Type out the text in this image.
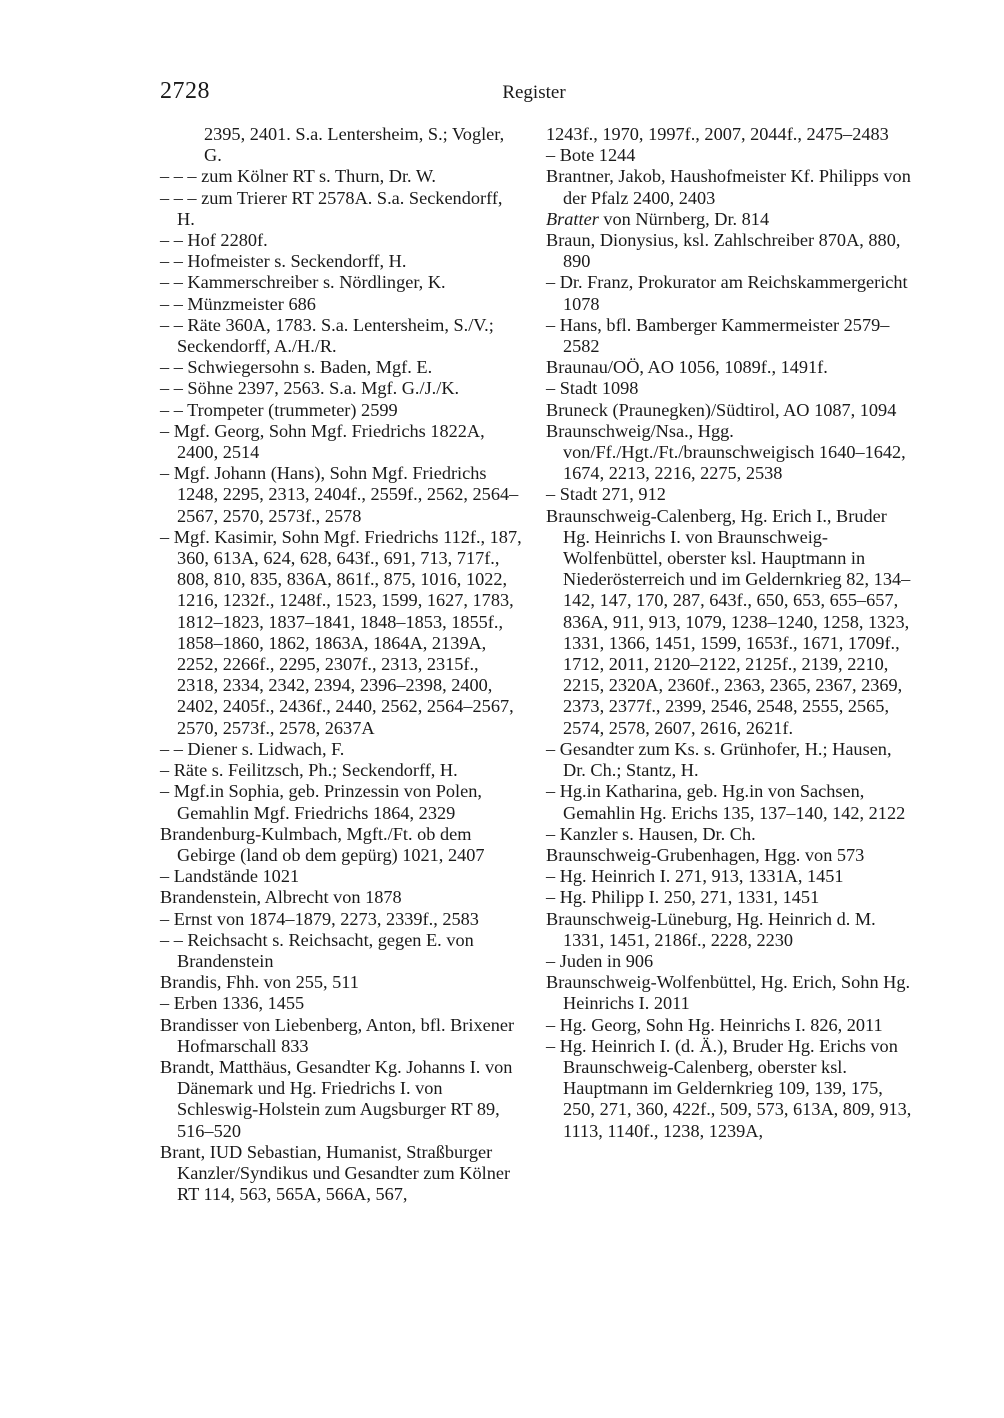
2728	Register
2395, 2401. S.a. Lentersheim, S.; Vogler, G.
– – – zum Kölner RT s. Thurn, Dr. W.
– – – zum Trierer RT 2578A. S.a. Seckendorff, H.
– – Hof 2280f.
– – Hofmeister s. Seckendorff, H.
– – Kammerschreiber s. Nördlinger, K.
– – Münzmeister 686
– – Räte 360A, 1783. S.a. Lentersheim, S./V.; Seckendorff, A./H./R.
– – Schwiegersohn s. Baden, Mgf. E.
– – Söhne 2397, 2563. S.a. Mgf. G./J./K.
– – Trompeter (trummeter) 2599
– Mgf. Georg, Sohn Mgf. Friedrichs 1822A, 2400, 2514
– Mgf. Johann (Hans), Sohn Mgf. Friedrichs 1248, 2295, 2313, 2404f., 2559f., 2562, 2564–2567, 2570, 2573f., 2578
– Mgf. Kasimir, Sohn Mgf. Friedrichs 112f., 187, 360, 613A, 624, 628, 643f., 691, 713, 717f., 808, 810, 835, 836A, 861f., 875, 1016, 1022, 1216, 1232f., 1248f., 1523, 1599, 1627, 1783, 1812–1823, 1837–1841, 1848–1853, 1855f., 1858–1860, 1862, 1863A, 1864A, 2139A, 2252, 2266f., 2295, 2307f., 2313, 2315f., 2318, 2334, 2342, 2394, 2396–2398, 2400, 2402, 2405f., 2436f., 2440, 2562, 2564–2567, 2570, 2573f., 2578, 2637A
– – Diener s. Lidwach, F.
– Räte s. Feilitzsch, Ph.; Seckendorff, H.
– Mgf.in Sophia, geb. Prinzessin von Polen, Gemahlin Mgf. Friedrichs 1864, 2329
Brandenburg-Kulmbach, Mgft./Ft. ob dem Gebirge (land ob dem gepürg) 1021, 2407
– Landstände 1021
Brandenstein, Albrecht von 1878
– Ernst von 1874–1879, 2273, 2339f., 2583
– – Reichsacht s. Reichsacht, gegen E. von Brandenstein
Brandis, Fhh. von 255, 511
– Erben 1336, 1455
Brandisser von Liebenberg, Anton, bfl. Brixener Hofmarschall 833
Brandt, Matthäus, Gesandter Kg. Johanns I. von Dänemark und Hg. Friedrichs I. von Schleswig-Holstein zum Augsburger RT 89, 516–520
Brant, IUD Sebastian, Humanist, Straßburger Kanzler/Syndikus und Gesandter zum Kölner RT 114, 563, 565A, 566A, 567,
1243f., 1970, 1997f., 2007, 2044f., 2475–2483
– Bote 1244
Brantner, Jakob, Haushofmeister Kf. Philipps von der Pfalz 2400, 2403
Bratter von Nürnberg, Dr. 814
Braun, Dionysius, ksl. Zahlschreiber 870A, 880, 890
– Dr. Franz, Prokurator am Reichskammergericht 1078
– Hans, bfl. Bamberger Kammermeister 2579–2582
Braunau/OÖ, AO 1056, 1089f., 1491f.
– Stadt 1098
Bruneck (Praunegken)/Südtirol, AO 1087, 1094
Braunschweig/Nsa., Hgg. von/Ff./Hgt./Ft./braunschweigisch 1640–1642, 1674, 2213, 2216, 2275, 2538
– Stadt 271, 912
Braunschweig-Calenberg, Hg. Erich I., Bruder Hg. Heinrichs I. von Braunschweig-Wolfenbüttel, oberster ksl. Hauptmann in Niederösterreich und im Geldernkrieg 82, 134–142, 147, 170, 287, 643f., 650, 653, 655–657, 836A, 911, 913, 1079, 1238–1240, 1258, 1323, 1331, 1366, 1451, 1599, 1653f., 1671, 1709f., 1712, 2011, 2120–2122, 2125f., 2139, 2210, 2215, 2320A, 2360f., 2363, 2365, 2367, 2369, 2373, 2377f., 2399, 2546, 2548, 2555, 2565, 2574, 2578, 2607, 2616, 2621f.
– Gesandter zum Ks. s. Grünhofer, H.; Hausen, Dr. Ch.; Stantz, H.
– Hg.in Katharina, geb. Hg.in von Sachsen, Gemahlin Hg. Erichs 135, 137–140, 142, 2122
– Kanzler s. Hausen, Dr. Ch.
Braunschweig-Grubenhagen, Hgg. von 573
– Hg. Heinrich I. 271, 913, 1331A, 1451
– Hg. Philipp I. 250, 271, 1331, 1451
Braunschweig-Lüneburg, Hg. Heinrich d. M. 1331, 1451, 2186f., 2228, 2230
– Juden in 906
Braunschweig-Wolfenbüttel, Hg. Erich, Sohn Hg. Heinrichs I. 2011
– Hg. Georg, Sohn Hg. Heinrichs I. 826, 2011
– Hg. Heinrich I. (d. Ä.), Bruder Hg. Erichs von Braunschweig-Calenberg, oberster ksl. Hauptmann im Geldernkrieg 109, 139, 175, 250, 271, 360, 422f., 509, 573, 613A, 809, 913, 1113, 1140f., 1238, 1239A,
